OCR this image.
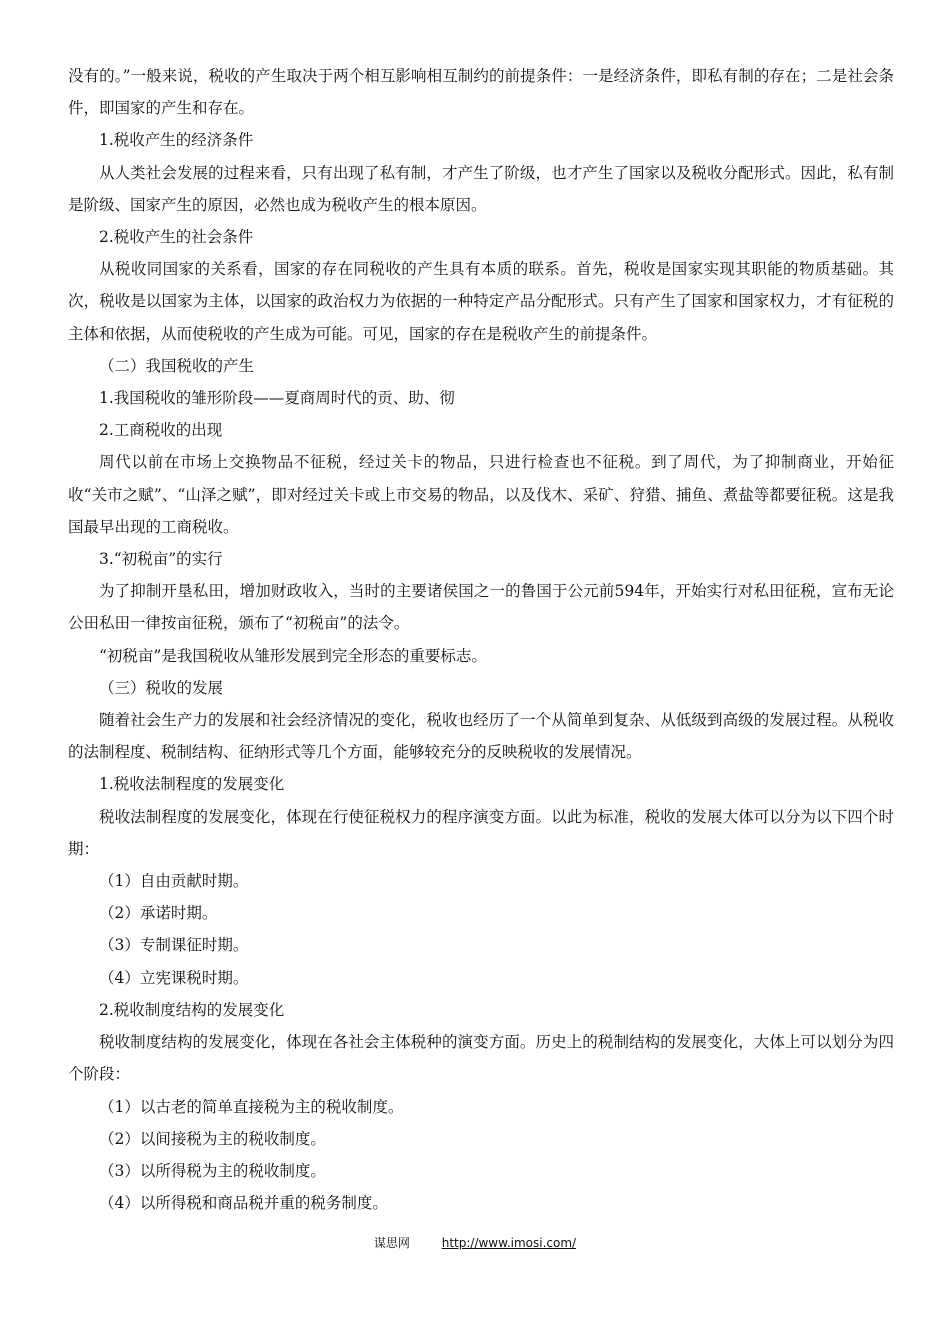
没有的。”一般来说，税收的产生取决于两个相互影响相互制约的前提条件：一是经济条件，即私有制的存在；二是社会条件，即国家的产生和存在。

1.税收产生的经济条件

从人类社会发展的过程来看，只有出现了私有制，才产生了阶级，也才产生了国家以及税收分配形式。因此，私有制是阶级、国家产生的原因，必然也成为税收产生的根本原因。

2.税收产生的社会条件

从税收同国家的关系看，国家的存在同税收的产生具有本质的联系。首先，税收是国家实现其职能的物质基础。其次，税收是以国家为主体，以国家的政治权力为依据的一种特定产品分配形式。只有产生了国家和国家权力，才有征税的主体和依据，从而使税收的产生成为可能。可见，国家的存在是税收产生的前提条件。

（二）我国税收的产生

1.我国税收的雏形阶段——夏商周时代的贡、助、彻

2.工商税收的出现

周代以前在市场上交换物品不征税，经过关卡的物品，只进行检查也不征税。到了周代，为了抑制商业，开始征收“关市之赋”、“山泽之赋”，即对经过关卡或上市交易的物品，以及伐木、采矿、狩猎、捕鱼、煮盐等都要征税。这是我国最早出现的工商税收。

3.“初税亩”的实行

为了抑制开垦私田，增加财政收入，当时的主要诸侯国之一的鲁国于公元前594年，开始实行对私田征税，宣布无论公田私田一律按亩征税，颁布了“初税亩”的法令。

“初税亩”是我国税收从雏形发展到完全形态的重要标志。

（三）税收的发展

随着社会生产力的发展和社会经济情况的变化，税收也经历了一个从简单到复杂、从低级到高级的发展过程。从税收的法制程度、税制结构、征纳形式等几个方面，能够较充分的反映税收的发展情况。

1.税收法制程度的发展变化

税收法制程度的发展变化，体现在行使征税权力的程序演变方面。以此为标准，税收的发展大体可以分为以下四个时期：

（1）自由贡献时期。

（2）承诺时期。

（3）专制课征时期。

（4）立宪课税时期。

2.税收制度结构的发展变化

税收制度结构的发展变化，体现在各社会主体税种的演变方面。历史上的税制结构的发展变化，大体上可以划分为四个阶段：

（1）以古老的简单直接税为主的税收制度。

（2）以间接税为主的税收制度。

（3）以所得税为主的税收制度。

（4）以所得税和商品税并重的税务制度。

谋思网	http://www.imosi.com/
